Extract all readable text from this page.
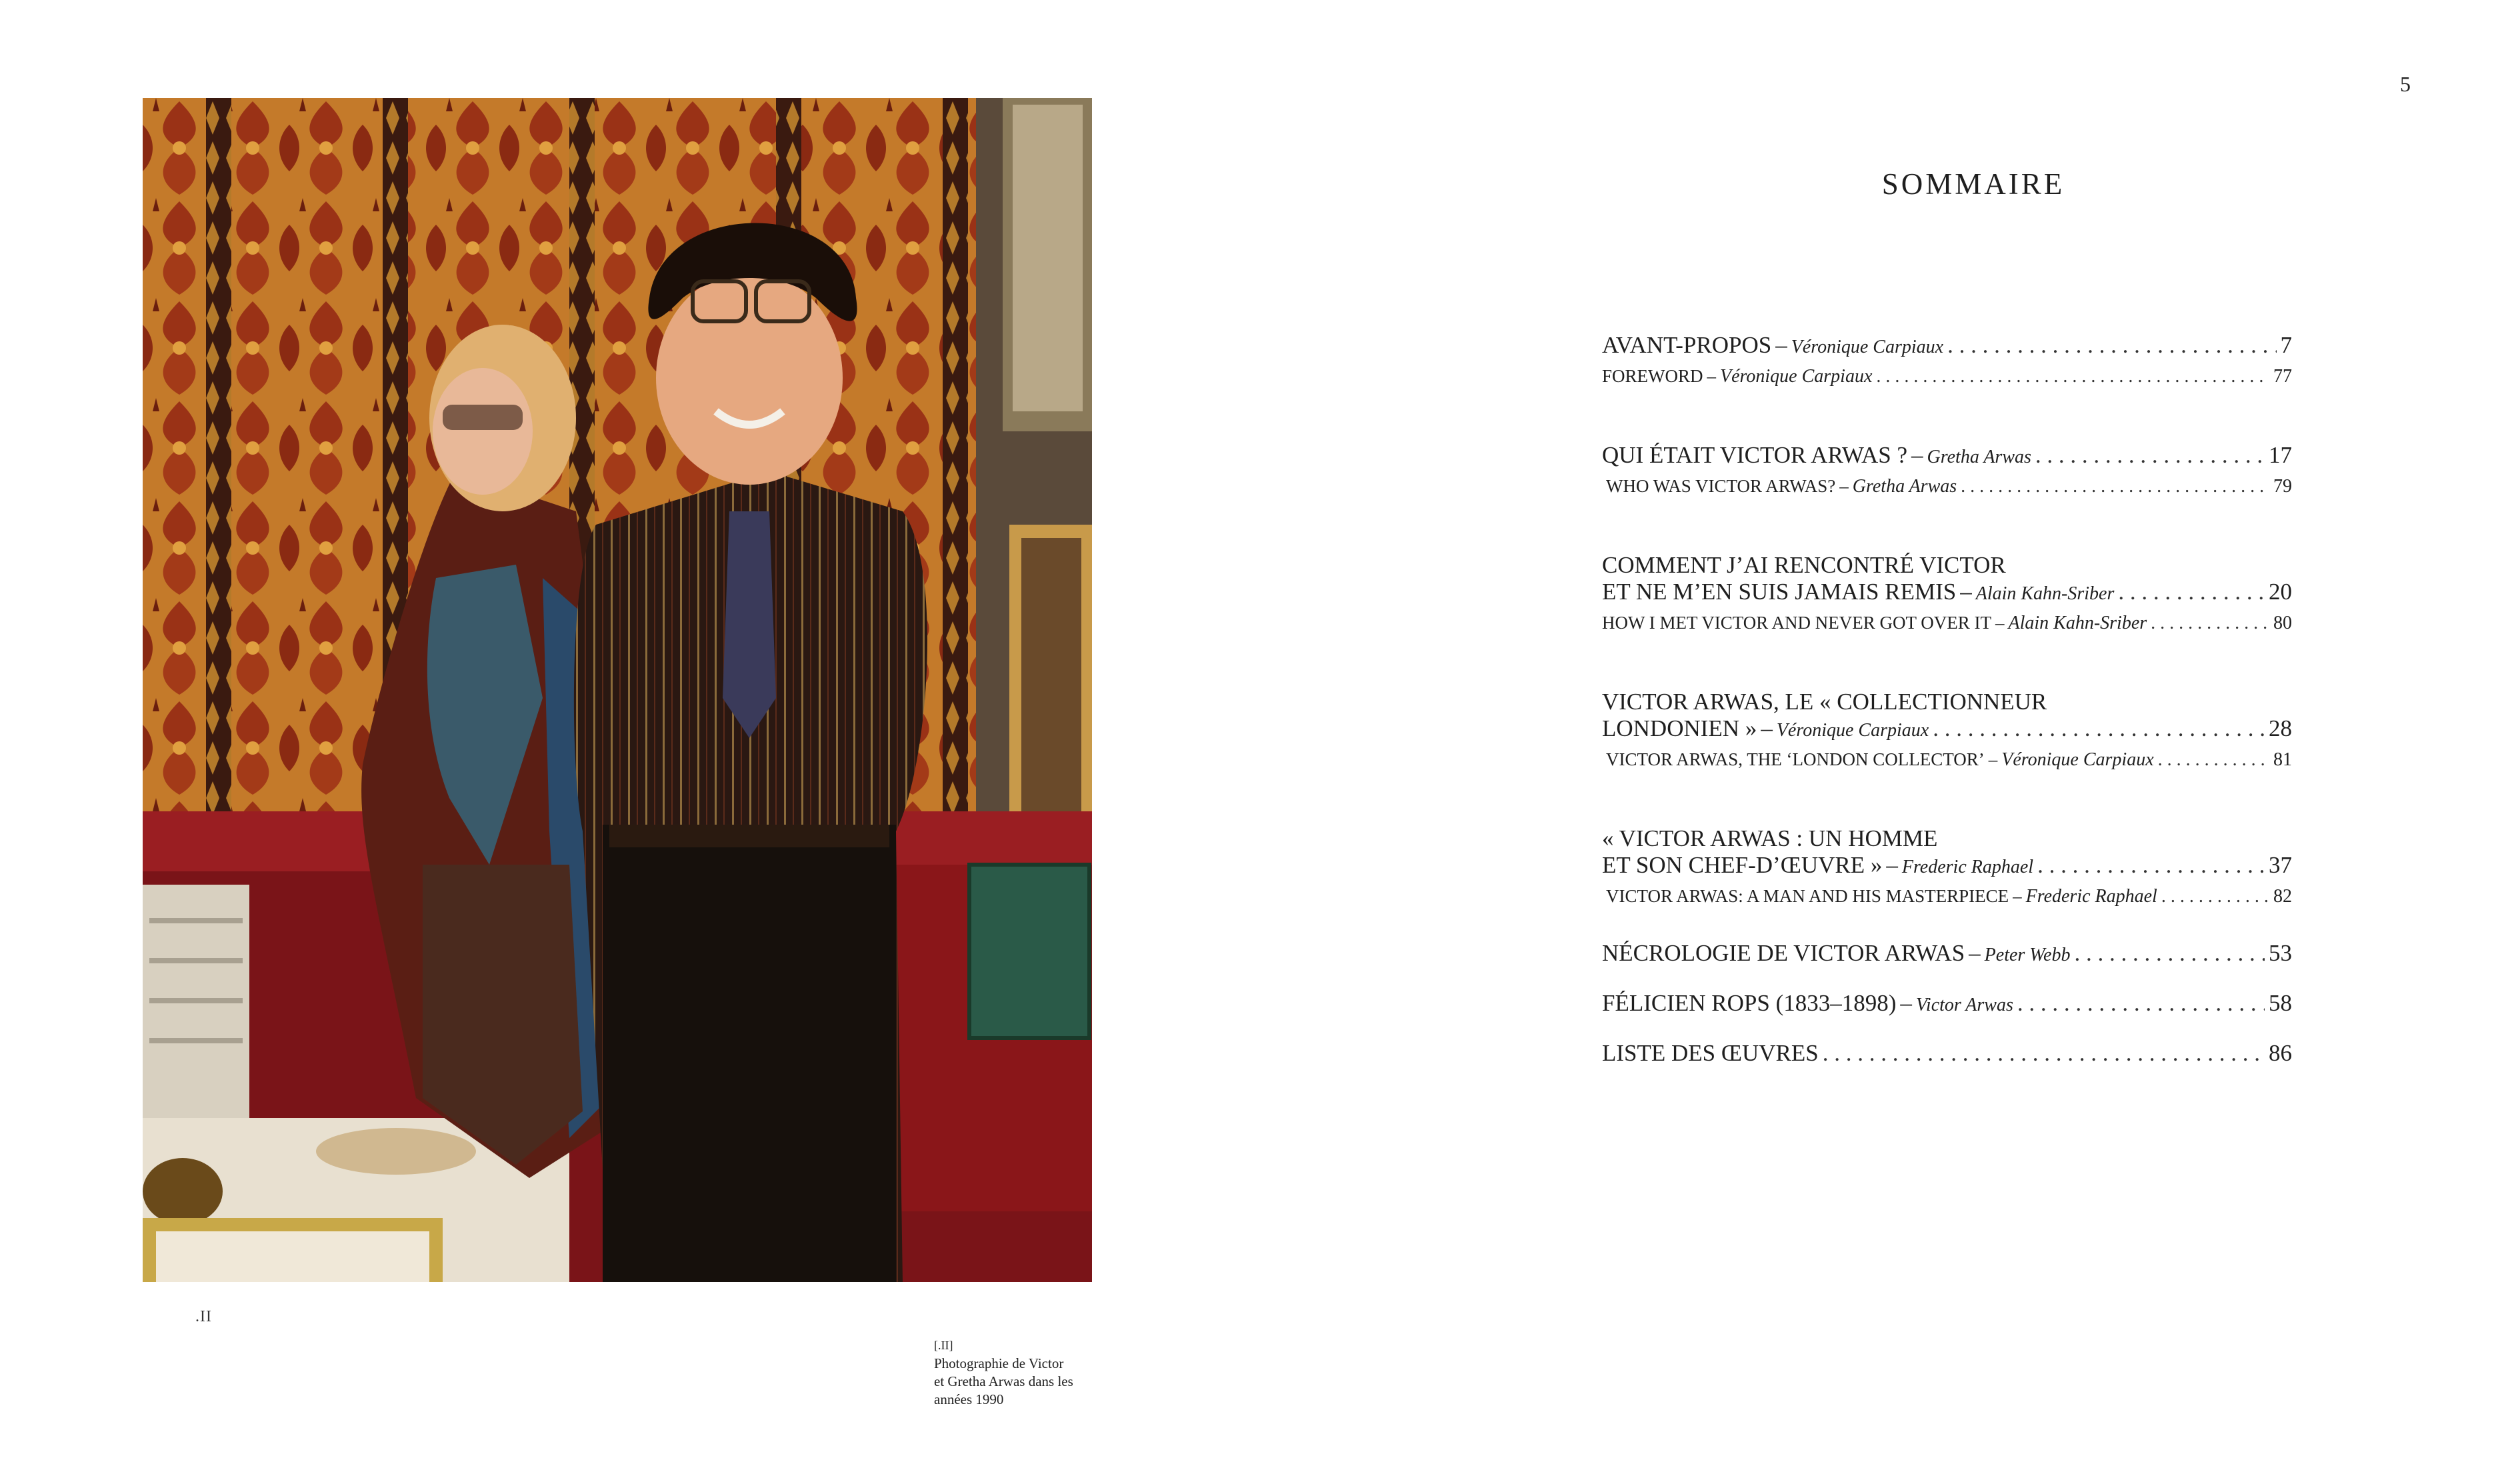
.II
[.II]
Photographie de Victor
et Gretha Arwas dans les
années 1990
5
SOMMAIRE
AVANT-PROPOS – Véronique Carpiaux . . .	7
FOREWORD – Véronique Carpiaux . . .	77
QUI ÉTAIT VICTOR ARWAS ? – Gretha Arwas . . .	17
WHO WAS VICTOR ARWAS? – Gretha Arwas . . .	79
COMMENT J’AI RENCONTRÉ VICTOR
ET NE M’EN SUIS JAMAIS REMIS – Alain Kahn-Sriber . . .	20
HOW I MET VICTOR AND NEVER GOT OVER IT – Alain Kahn-Sriber . . .	80
VICTOR ARWAS, LE « COLLECTIONNEUR
LONDONIEN » – Véronique Carpiaux . . .	28
VICTOR ARWAS, THE ‘LONDON COLLECTOR’ – Véronique Carpiaux . . .	81
« VICTOR ARWAS : UN HOMME
ET SON CHEF-D’ŒUVRE » – Frederic Raphael . . .	37
VICTOR ARWAS: A MAN AND HIS MASTERPIECE – Frederic Raphael . . .	82
NÉCROLOGIE DE VICTOR ARWAS – Peter Webb . . .	53
FÉLICIEN ROPS (1833–1898) – Victor Arwas . . .	58
LISTE DES ŒUVRES . . .	86
